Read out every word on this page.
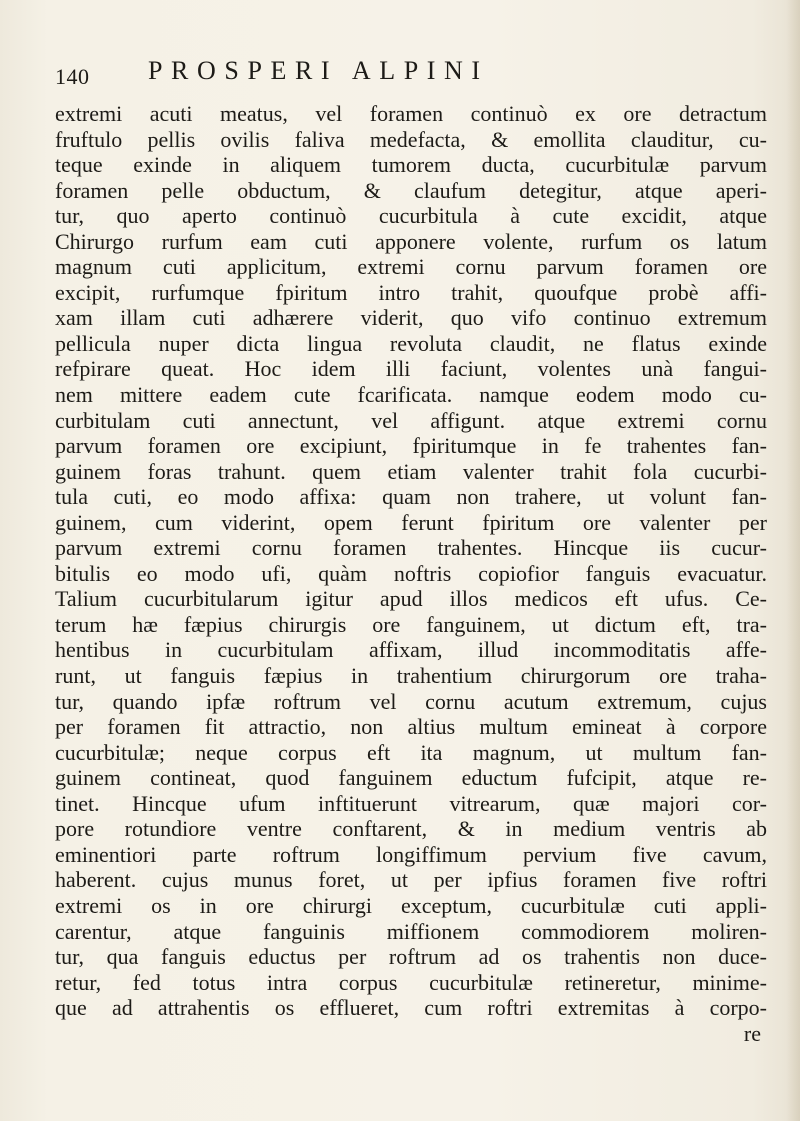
140 PROSPERI ALPINI
extremi acuti meatus, vel foramen continuò ex ore detractum
fruftulo pellis ovilis faliva medefacta, & emollita clauditur, cu-
teque exinde in aliquem tumorem ducta, cucurbitulæ parvum
foramen pelle obductum, & claufum detegitur, atque aperi-
tur, quo aperto continuò cucurbitula à cute excidit, atque
Chirurgo rurfum eam cuti apponere volente, rurfum os latum
magnum cuti applicitum, extremi cornu parvum foramen ore
excipit, rurfumque fpiritum intro trahit, quoufque probè affi-
xam illam cuti adhærere viderit, quo vifo continuo extremum
pellicula nuper dicta lingua revoluta claudit, ne flatus exinde
refpirare queat. Hoc idem illi faciunt, volentes unà fangui-
nem mittere eadem cute fcarificata. namque eodem modo cu-
curbitulam cuti annectunt, vel affigunt. atque extremi cornu
parvum foramen ore excipiunt, fpiritumque in fe trahentes fan-
guinem foras trahunt. quem etiam valenter trahit fola cucurbi-
tula cuti, eo modo affixa: quam non trahere, ut volunt fan-
guinem, cum viderint, opem ferunt fpiritum ore valenter per
parvum extremi cornu foramen trahentes. Hincque iis cucur-
bitulis eo modo ufi, quàm noftris copiofior fanguis evacuatur.
Talium cucurbitularum igitur apud illos medicos eft ufus. Ce-
terum hæ fæpius chirurgis ore fanguinem, ut dictum eft, tra-
hentibus in cucurbitulam affixam, illud incommoditatis affe-
runt, ut fanguis fæpius in trahentium chirurgorum ore traha-
tur, quando ipfæ roftrum vel cornu acutum extremum, cujus
per foramen fit attractio, non altius multum emineat à corpore
cucurbitulæ; neque corpus eft ita magnum, ut multum fan-
guinem contineat, quod fanguinem eductum fufcipit, atque re-
tinet. Hincque ufum inftituerunt vitrearum, quæ majori cor-
pore rotundiore ventre conftarent, & in medium ventris ab
eminentiori parte roftrum longiffimum pervium five cavum,
haberent. cujus munus foret, ut per ipfius foramen five roftri
extremi os in ore chirurgi exceptum, cucurbitulæ cuti appli-
carentur, atque fanguinis miffionem commodiorem moliren-
tur, qua fanguis eductus per roftrum ad os trahentis non duce-
retur, fed totus intra corpus cucurbitulæ retineretur, minime-
que ad attrahentis os efflueret, cum roftri extremitas à corpo-
re
